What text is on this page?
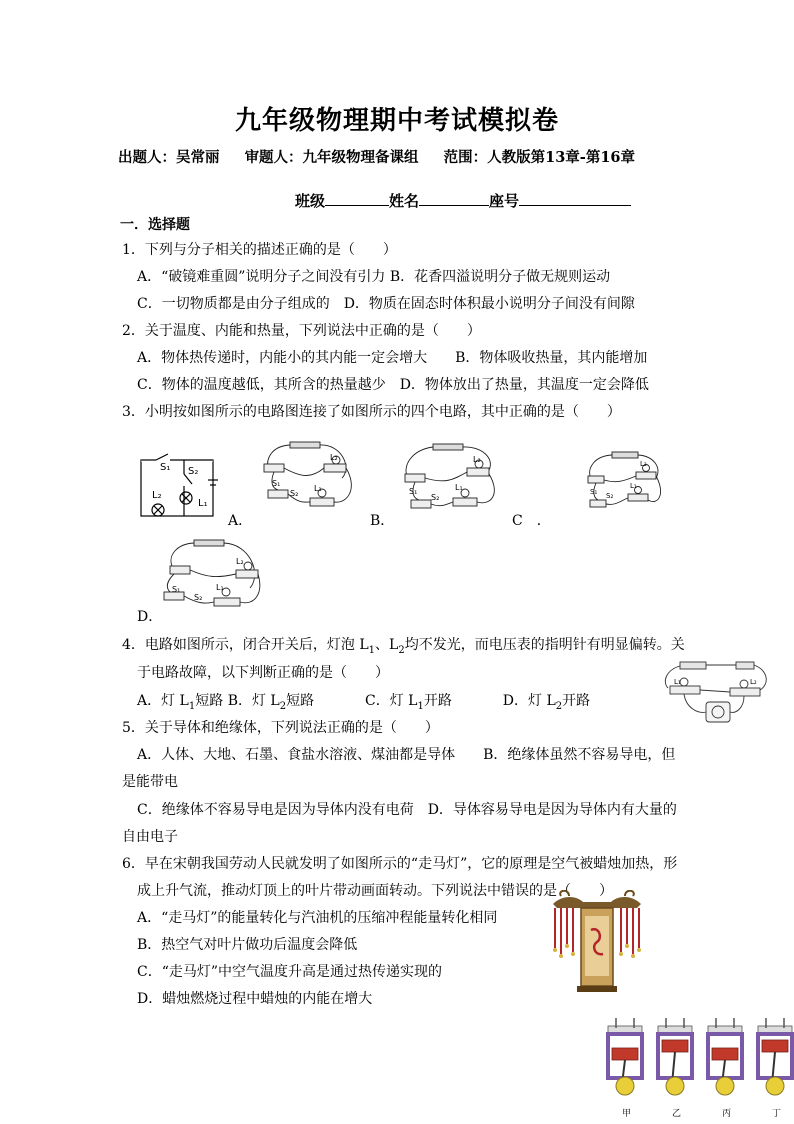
九年级物理期中考试模拟卷
出题人：吴常丽 审题人：九年级物理备课组 范围：人教版第13章-第16章
班级	姓名	座号
一．选择题
1．下列与分子相关的描述正确的是（　　）
A．“破镜难重圆”说明分子之间没有引力 B．花香四溢说明分子做无规则运动
C．一切物质都是由分子组成的　D．物质在固态时体积最小说明分子间没有间隙
2．关于温度、内能和热量，下列说法中正确的是（　　）
A．物体热传递时，内能小的其内能一定会增大　　B．物体吸收热量，其内能增加
C．物体的温度越低，其所含的热量越少　D．物体放出了热量，其温度一定会降低
3．小明按如图所示的电路图连接了如图所示的四个电路，其中正确的是（　　）
S₁ S₂
L₂
L₁
S₁
S₂
L₂
L₁
A．
S₁
S₂
L₂
L₁
B．
S₁ S₂
L₂
L₁
C　．
S₁
S₂
L₂
L₁
D．
4．电路如图所示，闭合开关后，灯泡 $L_1$、$L_2$均不发光，而电压表的指明针有明显偏转。关
于电路故障，以下判断正确的是（　　）
A．灯 $L_1$短路 B．灯 $L_2$短路	C．灯 $L_1$开路	D．灯 $L_2$开路
L₁	L₂
5．关于导体和绝缘体，下列说法正确的是（　　）
A．人体、大地、石墨、食盐水溶液、煤油都是导体　　B．绝缘体虽然不容易导电，但
是能带电
C．绝缘体不容易导电是因为导体内没有电荷　D．导体容易导电是因为导体内有大量的
自由电子
6．早在宋朝我国劳动人民就发明了如图所示的“走马灯”，它的原理是空气被蜡烛加热，形
成上升气流，推动灯顶上的叶片带动画面转动。下列说法中错误的是（　　）
A．“走马灯”的能量转化与汽油机的压缩冲程能量转化相同
B．热空气对叶片做功后温度会降低
C．“走马灯”中空气温度升高是通过热传递实现的
D．蜡烛燃烧过程中蜡烛的内能在增大
甲	乙	丙	丁
